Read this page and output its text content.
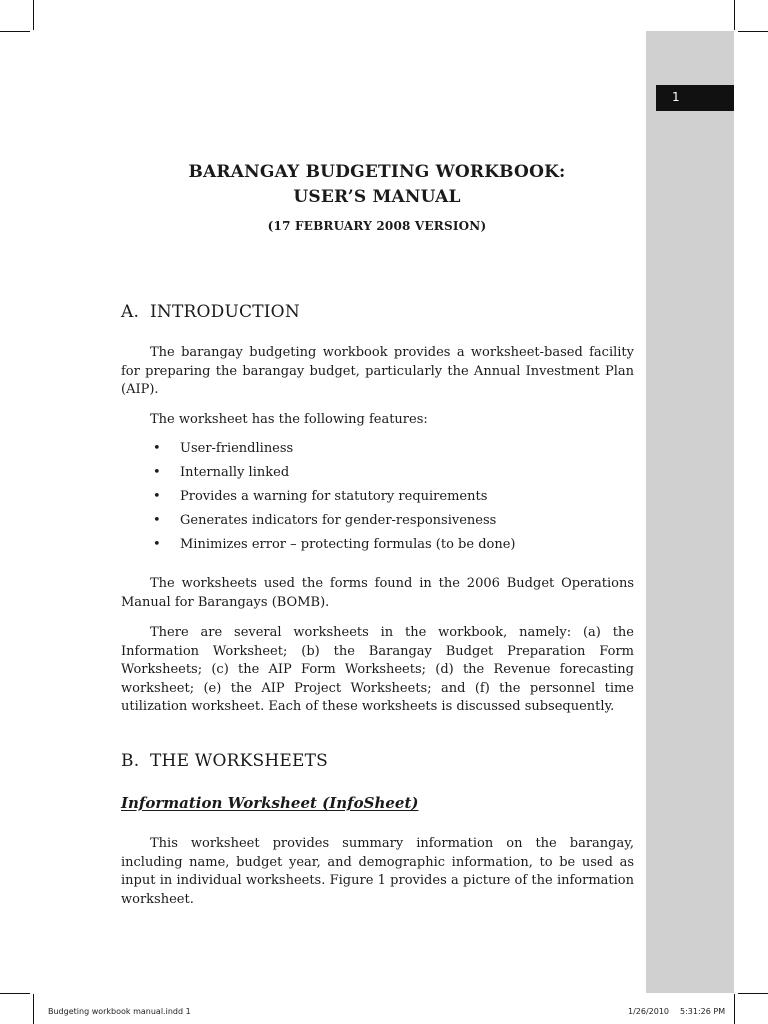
1
BARANGAY BUDGETING WORKBOOK:
USER’S MANUAL
(17 FEBRUARY 2008 VERSION)
A. INTRODUCTION

The barangay budgeting workbook provides a worksheet-based facility for preparing the barangay budget, particularly the Annual Investment Plan (AIP).

The worksheet has the following features:

• User-friendliness
• Internally linked
• Provides a warning for statutory requirements
• Generates indicators for gender-responsiveness
• Minimizes error – protecting formulas (to be done)

The worksheets used the forms found in the 2006 Budget Operations Manual for Barangays (BOMB).

There are several worksheets in the workbook, namely: (a) the Information Worksheet; (b) the Barangay Budget Preparation Form Worksheets; (c) the AIP Form Worksheets; (d) the Revenue forecasting worksheet; (e) the AIP Project Worksheets; and (f) the personnel time utilization worksheet. Each of these worksheets is discussed subsequently.

B. THE WORKSHEETS
Information Worksheet (InfoSheet)

This worksheet provides summary information on the barangay, including name, budget year, and demographic information, to be used as input in individual worksheets. Figure 1 provides a picture of the information worksheet.

Budgeting workbook manual.indd 1	1/26/2010 5:31:26 PM
